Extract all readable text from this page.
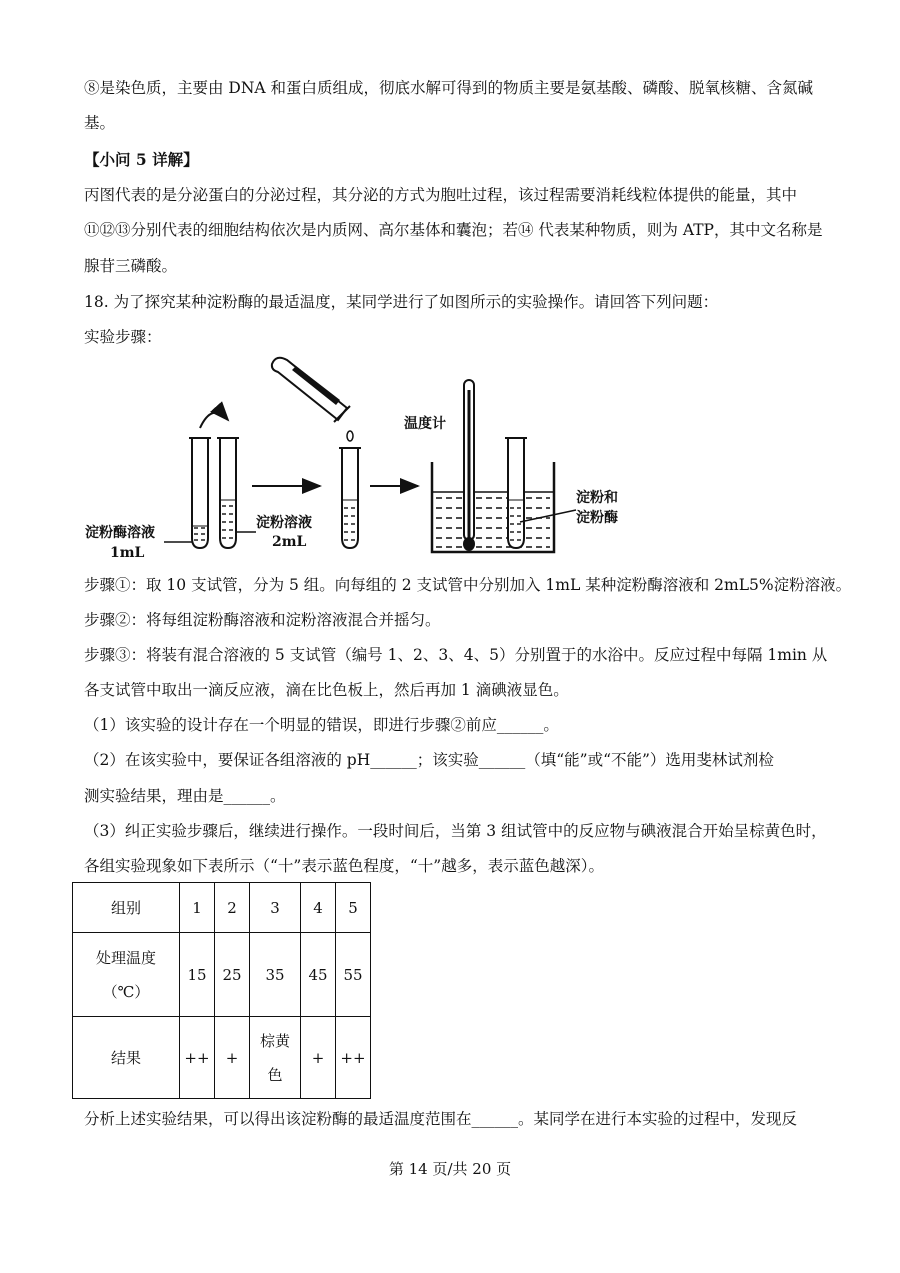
⑧是染色质，主要由 DNA 和蛋白质组成，彻底水解可得到的物质主要是氨基酸、磷酸、脱氧核糖、含氮碱
基。
【小问 5 详解】
丙图代表的是分泌蛋白的分泌过程，其分泌的方式为胞吐过程，该过程需要消耗线粒体提供的能量，其中
⑪⑫⑬分别代表的细胞结构依次是内质网、高尔基体和囊泡；若⑭ 代表某种物质，则为 ATP，其中文名称是
腺苷三磷酸。
18. 为了探究某种淀粉酶的最适温度，某同学进行了如图所示的实验操作。请回答下列问题：
实验步骤：
淀粉酶溶液
1mL
淀粉溶液
2mL
温度计
淀粉和
淀粉酶
步骤①：取 10 支试管，分为 5 组。向每组的 2 支试管中分别加入 1mL 某种淀粉酶溶液和 2mL5%淀粉溶液。
步骤②：将每组淀粉酶溶液和淀粉溶液混合并摇匀。
步骤③：将装有混合溶液的 5 支试管（编号 1、2、3、4、5）分别置于的水浴中。反应过程中每隔 1min 从
各支试管中取出一滴反应液，滴在比色板上，然后再加 1 滴碘液显色。
（1）该实验的设计存在一个明显的错误，即进行步骤②前应______。
（2）在该实验中，要保证各组溶液的 pH______；该实验______（填“能”或“不能”）选用斐林试剂检
测实验结果，理由是______。
（3）纠正实验步骤后，继续进行操作。一段时间后，当第 3 组试管中的反应物与碘液混合开始呈棕黄色时，
各组实验现象如下表所示（“十”表示蓝色程度，“十”越多，表示蓝色越深）。
组别	1	2	3	4	5

处理温度
（℃）	15	25	35	45	55
结果	++	+	棕黄
色	+	++
分析上述实验结果，可以得出该淀粉酶的最适温度范围在______。某同学在进行本实验的过程中，发现反
第 14 页/共 20 页
